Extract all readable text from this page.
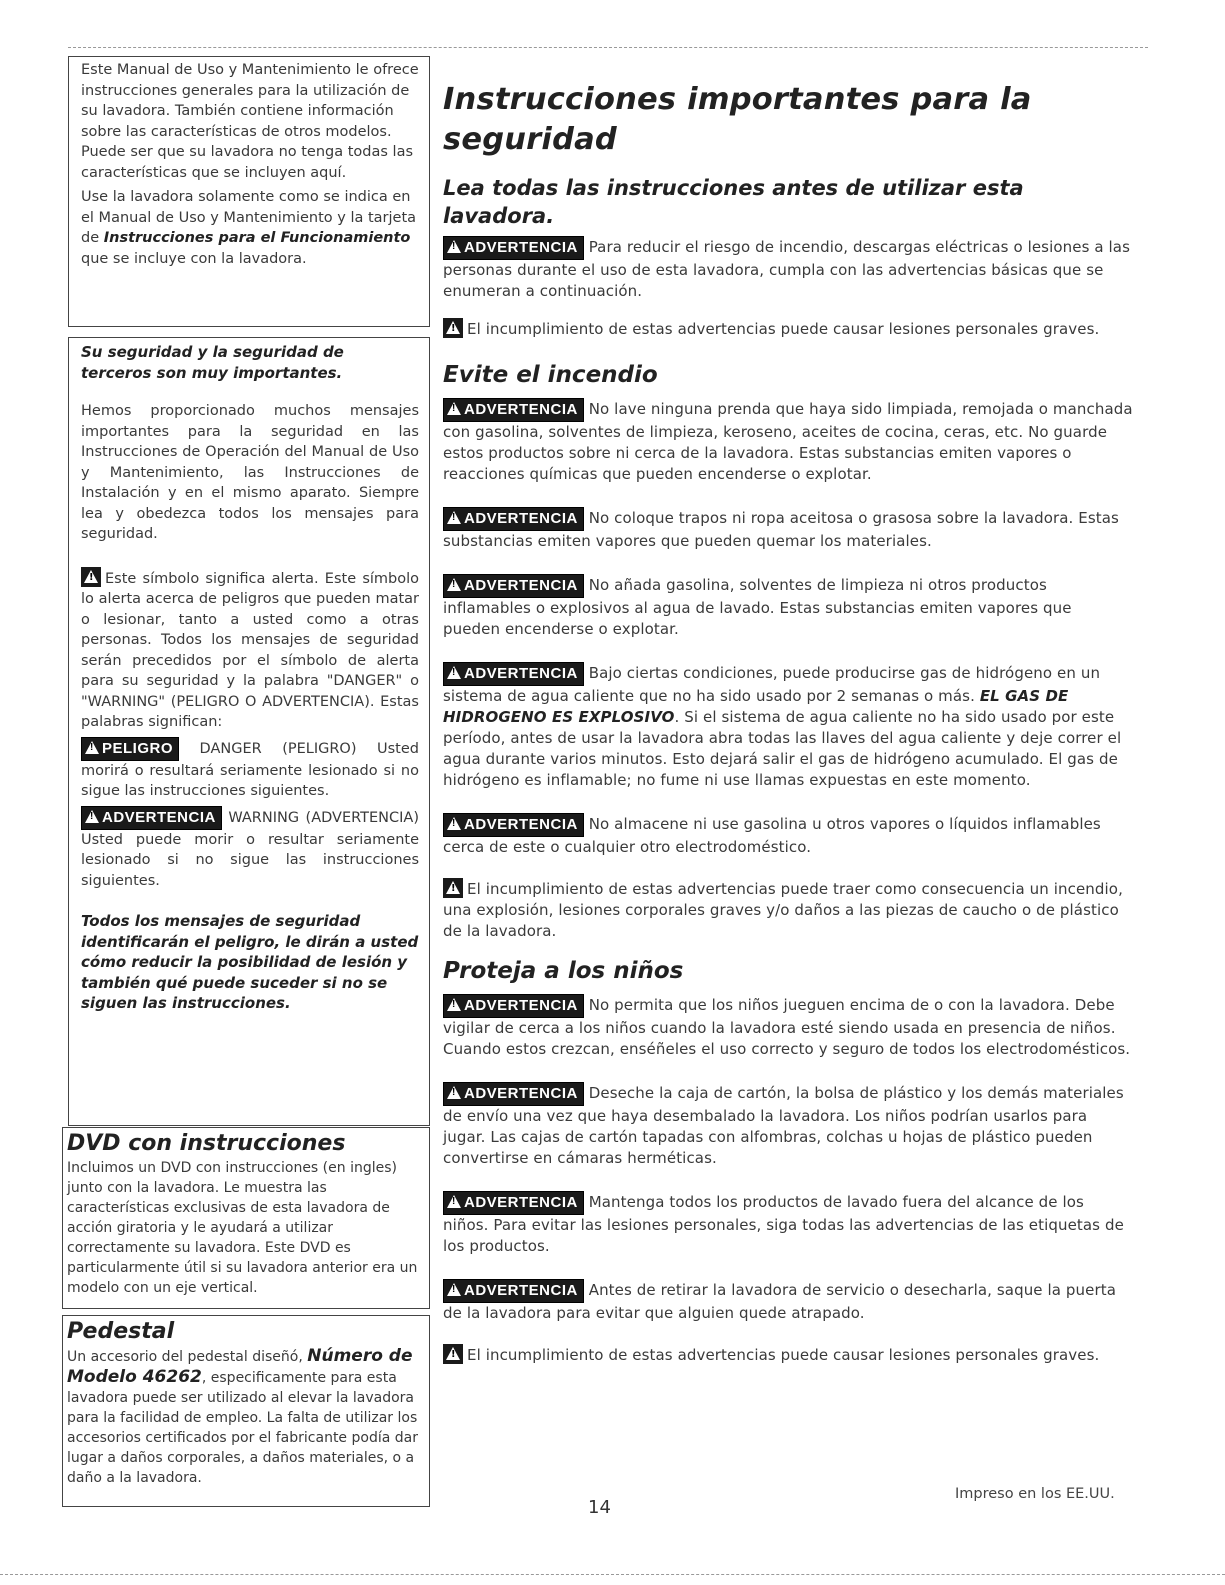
Este Manual de Uso y Mantenimiento le ofrece instrucciones generales para la utilización de su lavadora. También contiene información sobre las características de otros modelos. Puede ser que su lavadora no tenga todas las características que se incluyen aquí.

Use la lavadora solamente como se indica en el Manual de Uso y Mantenimiento y la tarjeta de Instrucciones para el Funcionamiento que se incluye con la lavadora.

Su seguridad y la seguridad de terceros son muy importantes.

Hemos proporcionado muchos mensajes importantes para la seguridad en las Instrucciones de Operación del Manual de Uso y Mantenimiento, las Instrucciones de Instalación y en el mismo aparato. Siempre lea y obedezca todos los mensajes para seguridad.

!Este símbolo significa alerta. Este símbolo lo alerta acerca de peligros que pueden matar o lesionar, tanto a usted como a otras personas. Todos los mensajes de seguridad serán precedidos por el símbolo de alerta para su seguridad y la palabra "DANGER" o "WARNING" (PELIGRO O ADVERTENCIA). Estas palabras significan:

!PELIGRO DANGER (PELIGRO) Usted morirá o resultará seriamente lesionado si no sigue las instrucciones siguientes.

!ADVERTENCIA WARNING (ADVERTENCIA) Usted puede morir o resultar seriamente lesionado si no sigue las instrucciones siguientes.

Todos los mensajes de seguridad identificarán el peligro, le dirán a usted cómo reducir la posibilidad de lesión y también qué puede suceder si no se siguen las instrucciones.

DVD con instrucciones

Incluimos un DVD con instrucciones (en ingles) junto con la lavadora. Le muestra las características exclusivas de esta lavadora de acción giratoria y le ayudará a utilizar correctamente su lavadora. Este DVD es particularmente útil si su lavadora anterior era un modelo con un eje vertical.

Pedestal

Un accesorio del pedestal diseñó, Número de Modelo 46262, especificamente para esta lavadora puede ser utilizado al elevar la lavadora para la facilidad de empleo. La falta de utilizar los accesorios certificados por el fabricante podía dar lugar a daños corporales, a daños materiales, o a daño a la lavadora.

Instrucciones importantes para la seguridad
Lea todas las instrucciones antes de utilizar esta lavadora.

!ADVERTENCIA Para reducir el riesgo de incendio, descargas eléctricas o lesiones a las personas durante el uso de esta lavadora, cumpla con las advertencias básicas que se enumeran a continuación.

!El incumplimiento de estas advertencias puede causar lesiones personales graves.

Evite el incendio

!ADVERTENCIA No lave ninguna prenda que haya sido limpiada, remojada o manchada con gasolina, solventes de limpieza, keroseno, aceites de cocina, ceras, etc. No guarde estos productos sobre ni cerca de la lavadora. Estas substancias emiten vapores o reacciones químicas que pueden encenderse o explotar.

!ADVERTENCIA No coloque trapos ni ropa aceitosa o grasosa sobre la lavadora. Estas substancias emiten vapores que pueden quemar los materiales.

!ADVERTENCIA No añada gasolina, solventes de limpieza ni otros productos inflamables o explosivos al agua de lavado. Estas substancias emiten vapores que pueden encenderse o explotar.

!ADVERTENCIA Bajo ciertas condiciones, puede producirse gas de hidrógeno en un sistema de agua caliente que no ha sido usado por 2 semanas o más. EL GAS DE HIDROGENO ES EXPLOSIVO. Si el sistema de agua caliente no ha sido usado por este período, antes de usar la lavadora abra todas las llaves del agua caliente y deje correr el agua durante varios minutos. Esto dejará salir el gas de hidrógeno acumulado. El gas de hidrógeno es inflamable; no fume ni use llamas expuestas en este momento.

!ADVERTENCIA No almacene ni use gasolina u otros vapores o líquidos inflamables cerca de este o cualquier otro electrodoméstico.

!El incumplimiento de estas advertencias puede traer como consecuencia un incendio, una explosión, lesiones corporales graves y/o daños a las piezas de caucho o de plástico de la lavadora.

Proteja a los niños

!ADVERTENCIA No permita que los niños jueguen encima de o con la lavadora. Debe vigilar de cerca a los niños cuando la lavadora esté siendo usada en presencia de niños. Cuando estos crezcan, enséñeles el uso correcto y seguro de todos los electrodomésticos.

!ADVERTENCIA Deseche la caja de cartón, la bolsa de plástico y los demás materiales de envío una vez que haya desembalado la lavadora. Los niños podrían usarlos para jugar. Las cajas de cartón tapadas con alfombras, colchas u hojas de plástico pueden convertirse en cámaras herméticas.

!ADVERTENCIA Mantenga todos los productos de lavado fuera del alcance de los niños. Para evitar las lesiones personales, siga todas las advertencias de las etiquetas de los productos.

!ADVERTENCIA Antes de retirar la lavadora de servicio o desecharla, saque la puerta de la lavadora para evitar que alguien quede atrapado.

!El incumplimiento de estas advertencias puede causar lesiones personales graves.

Impreso en los EE.UU.
14
